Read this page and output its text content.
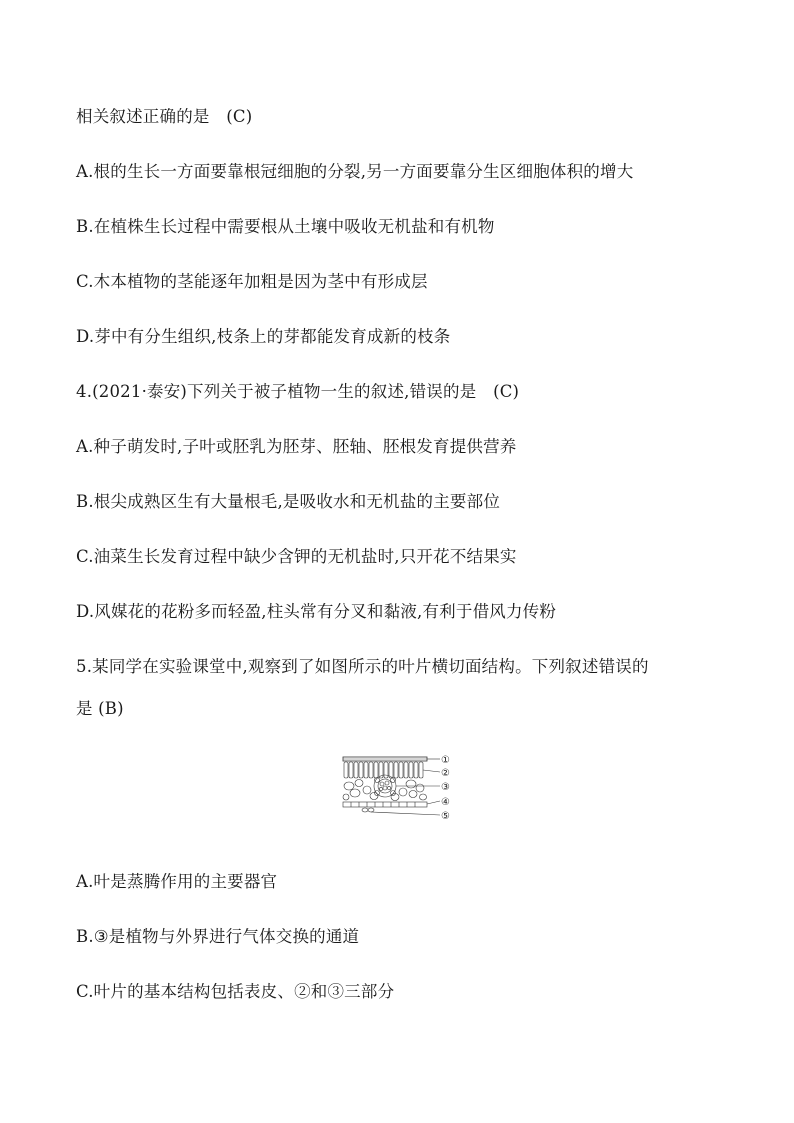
相关叙述正确的是　(C)
A.根的生长一方面要靠根冠细胞的分裂,另一方面要靠分生区细胞体积的增大
B.在植株生长过程中需要根从土壤中吸收无机盐和有机物
C.木本植物的茎能逐年加粗是因为茎中有形成层
D.芽中有分生组织,枝条上的芽都能发育成新的枝条
4.(2021·泰安)下列关于被子植物一生的叙述,错误的是　(C)
A.种子萌发时,子叶或胚乳为胚芽、胚轴、胚根发育提供营养
B.根尖成熟区生有大量根毛,是吸收水和无机盐的主要部位
C.油菜生长发育过程中缺少含钾的无机盐时,只开花不结果实
D.风媒花的花粉多而轻盈,柱头常有分叉和黏液,有利于借风力传粉
5.某同学在实验课堂中,观察到了如图所示的叶片横切面结构。下列叙述错误的
是 (B)
①
②
③
④
⑤
A.叶是蒸腾作用的主要器官
B.③是植物与外界进行气体交换的通道
C.叶片的基本结构包括表皮、②和③三部分
